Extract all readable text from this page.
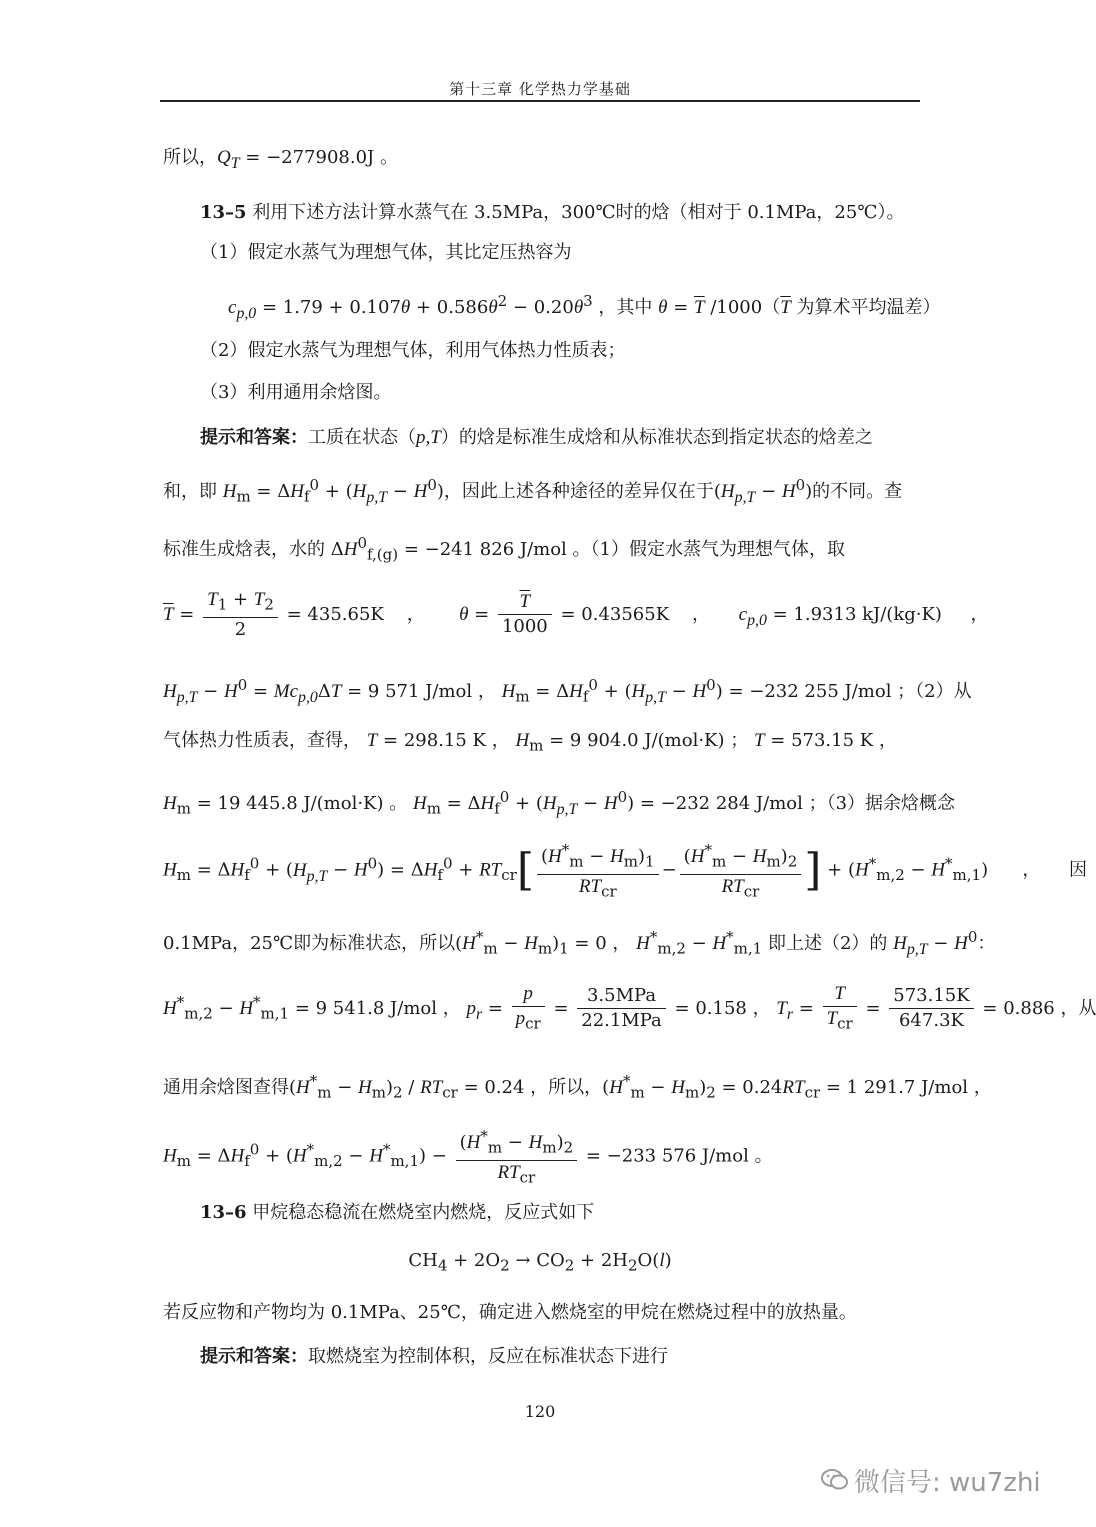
第十三章 化学热力学基础
所以，$Q_T = -277908.0J$ 。
13–5 利用下述方法计算水蒸气在 3.5MPa，300℃时的焓（相对于 0.1MPa，25℃）。
（1）假定水蒸气为理想气体，其比定压热容为
$c_{p,0} = 1.79 + 0.107\theta + 0.586\theta^2 - 0.20\theta^3$ ，其中 $\theta = \overline{T}$ $/1000(\overline{T}$ 为算术平均温差）
（2）假定水蒸气为理想气体，利用气体热力性质表；
（3）利用通用余焓图。
提示和答案：工质在状态（p,T）的焓是标准生成焓和从标准状态到指定状态的焓差之
和，即 $H_m = \Delta H_f^0 + (H_{p,T} - H^0)$，因此上述各种途径的差异仅在于$(H_{p,T} - H^0)$的不同。查
标准生成焓表，水的 $\Delta H^0_{f,(g)} = -241$ 826 J/mol 。（1）假定水蒸气为理想气体，取
$\overline{T} = \frac{T_1 + T_2}{2} = 435.65K$    ，      $\theta = \frac{\overline{T}}{1000} = 0.43565K$    ，     $c_{p,0} = 1.9313$ kJ/(kg·K)     ，
$H_{p,T} - H^0 = Mc_{p,0}\Delta T = 9$ 571 J/mol ， $H_m = \Delta H_f^0 + (H_{p,T} - H^0) = -232$ 255 J/mol ；（2）从
气体热力性质表，查得， T = 298.15 K ， $H_m = 9$ 904.0 J/(mol·K) ； T = 573.15 K ，
$H_m = 19$ 445.8 J/(mol·K) 。 $H_m = \Delta H_f^0 + (H_{p,T} - H^0) = -232$ 284 J/mol ；（3）据余焓概念
$H_m = \Delta H_f^0 + (H_{p,T} - H^0) = \Delta H_f^0 + RT_{cr}[ \frac{(H^*_m - H_m)_1}{RT_{cr}} - \frac{(H^*_m - H_m)_2}{RT_{cr}}$ ] + $(H^*_{m,2} - H^*_{m,1})$      ，     因
0.1MPa，25℃即为标准状态，所以$(H^*_m - H_m)_1 = 0$ ， $H^*_{m,2} - H^*_{m,1}$ 即上述（2）的 $H_{p,T} - H^0$：
$H^*_{m,2} - H^*_{m,1} = 9$ 541.8 J/mol ， $p_r = \frac{p}{p_{cr}} = \frac{\text{3.5MPa}}{\text{22.1MPa}} = 0.158$ ， $T_r = \frac{T}{T_{cr}} = \frac{573.15K}{647.3K} = 0.886$ ，从
通用余焓图查得$(H^*_m - H_m)_2 / RT_{cr} = 0.24$ ，所以，$(H^*_m - H_m)_2 = 0.24RT_{cr} = 1$ 291.7 J/mol ，
$H_m = \Delta H_f^0 + (H^*_{m,2} - H^*_{m,1}) - \frac{(H^*_m - H_m)_2}{RT_{cr}} = -233$ 576 J/mol 。
13–6 甲烷稳态稳流在燃烧室内燃烧，反应式如下
$CH_4 + 2O_2 \to CO_2 + 2H_2O(l)$
若反应物和产物均为 0.1MPa、25℃，确定进入燃烧室的甲烷在燃烧过程中的放热量。
提示和答案：取燃烧室为控制体积，反应在标准状态下进行
120
微信号: wu7zhi
